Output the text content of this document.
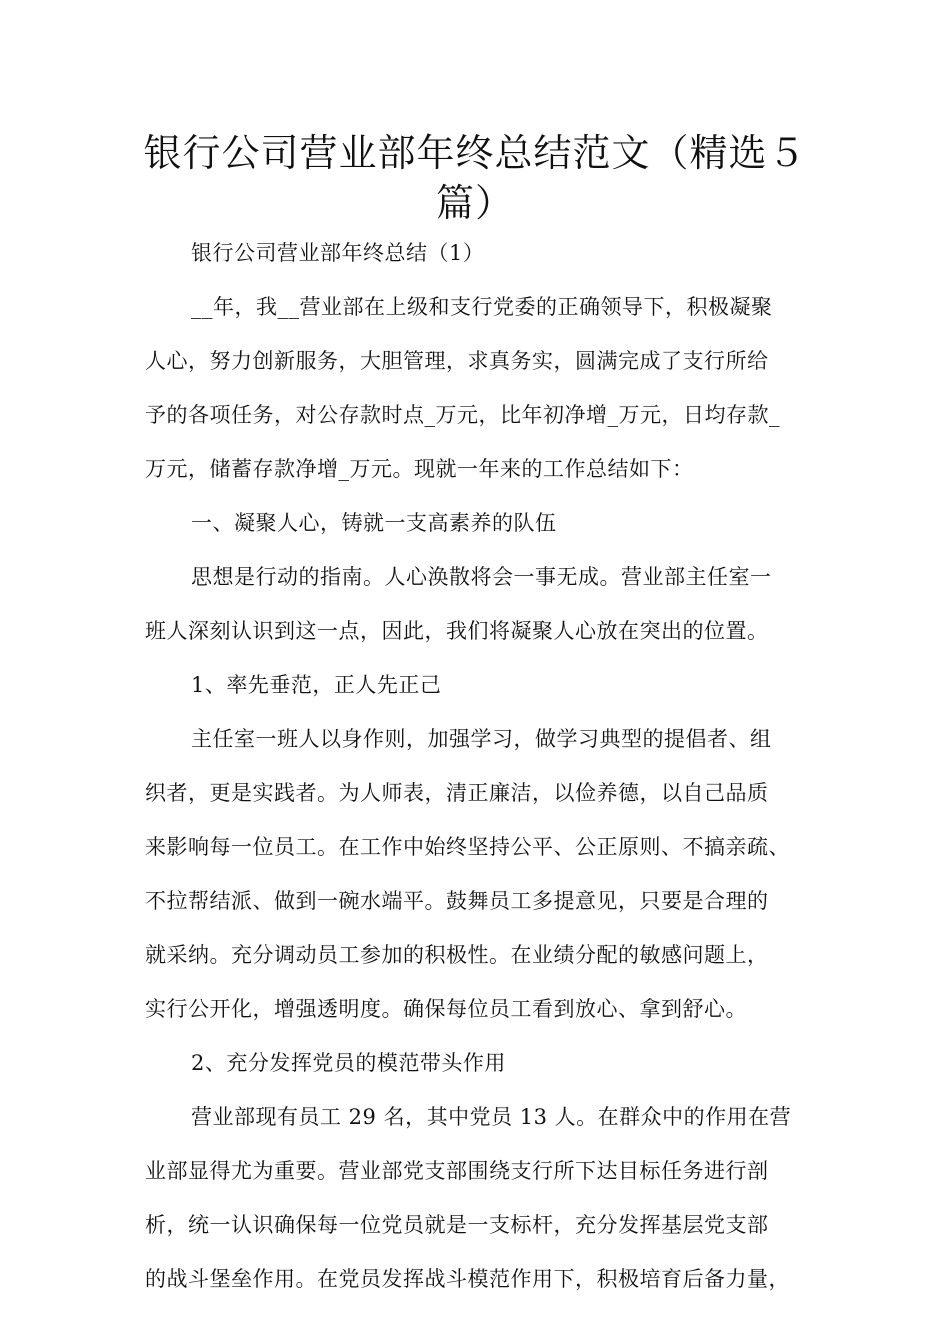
银行公司营业部年终总结范文（精选５
篇）
银行公司营业部年终总结（1）
__年，我__营业部在上级和支行党委的正确领导下，积极凝聚
人心，努力创新服务，大胆管理，求真务实，圆满完成了支行所给
予的各项任务，对公存款时点_万元，比年初净增_万元，日均存款_
万元，储蓄存款净增_万元。现就一年来的工作总结如下：
一、凝聚人心，铸就一支高素养的队伍
思想是行动的指南。人心涣散将会一事无成。营业部主任室一
班人深刻认识到这一点，因此，我们将凝聚人心放在突出的位置。
1、率先垂范，正人先正己
主任室一班人以身作则，加强学习，做学习典型的提倡者、组
织者，更是实践者。为人师表，清正廉洁，以俭养德，以自己品质
来影响每一位员工。在工作中始终坚持公平、公正原则、不搞亲疏、
不拉帮结派、做到一碗水端平。鼓舞员工多提意见，只要是合理的
就采纳。充分调动员工参加的积极性。在业绩分配的敏感问题上，
实行公开化，增强透明度。确保每位员工看到放心、拿到舒心。
2、充分发挥党员的模范带头作用
营业部现有员工 29 名，其中党员 13 人。在群众中的作用在营
业部显得尤为重要。营业部党支部围绕支行所下达目标任务进行剖
析，统一认识确保每一位党员就是一支标杆，充分发挥基层党支部
的战斗堡垒作用。在党员发挥战斗模范作用下，积极培育后备力量，
